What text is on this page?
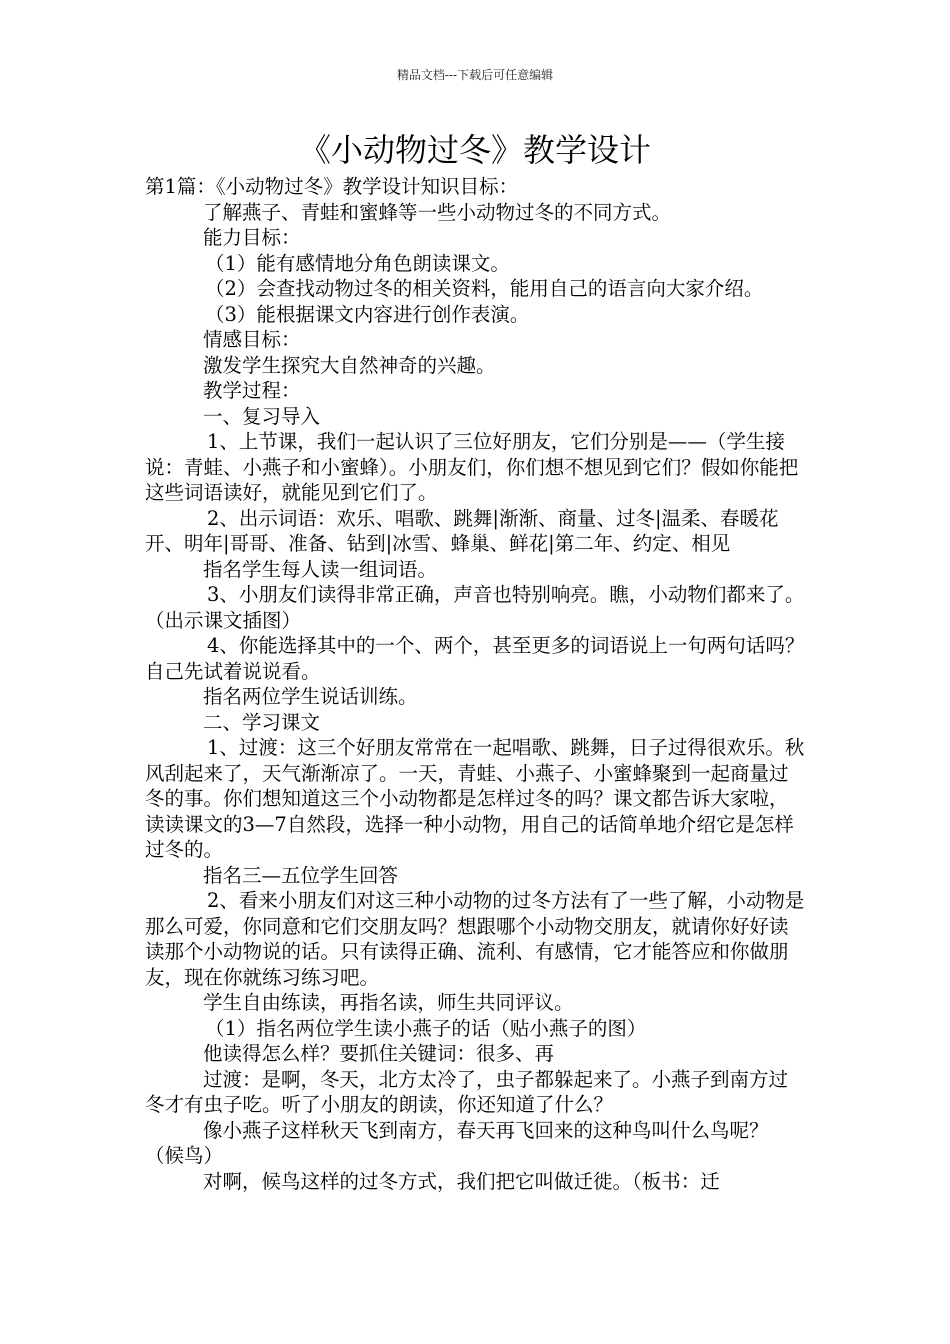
精品文档---下载后可任意编辑
《小动物过冬》教学设计

第1篇：《小动物过冬》教学设计知识目标：

了解燕子、青蛙和蜜蜂等一些小动物过冬的不同方式。

能力目标：

（1）能有感情地分角色朗读课文。

（2）会查找动物过冬的相关资料，能用自己的语言向大家介绍。

（3）能根据课文内容进行创作表演。

情感目标：

激发学生探究大自然神奇的兴趣。

教学过程：

一、复习导入

1、上节课，我们一起认识了三位好朋友，它们分别是——（学生接说：青蛙、小燕子和小蜜蜂）。小朋友们，你们想不想见到它们？假如你能把这些词语读好，就能见到它们了。

2、出示词语：欢乐、唱歌、跳舞|渐渐、商量、过冬|温柔、春暖花开、明年|哥哥、准备、钻到|冰雪、蜂巢、鲜花|第二年、约定、相见

指名学生每人读一组词语。

3、小朋友们读得非常正确，声音也特别响亮。瞧，小动物们都来了。（出示课文插图）

4、你能选择其中的一个、两个，甚至更多的词语说上一句两句话吗？自己先试着说说看。

指名两位学生说话训练。

二、学习课文

1、过渡：这三个好朋友常常在一起唱歌、跳舞，日子过得很欢乐。秋风刮起来了，天气渐渐凉了。一天，青蛙、小燕子、小蜜蜂聚到一起商量过冬的事。你们想知道这三个小动物都是怎样过冬的吗？课文都告诉大家啦，读读课文的3—7自然段，选择一种小动物，用自己的话简单地介绍它是怎样过冬的。

指名三—五位学生回答

2、看来小朋友们对这三种小动物的过冬方法有了一些了解，小动物是那么可爱，你同意和它们交朋友吗？想跟哪个小动物交朋友，就请你好好读读那个小动物说的话。只有读得正确、流利、有感情，它才能答应和你做朋友，现在你就练习练习吧。

学生自由练读，再指名读，师生共同评议。

（1）指名两位学生读小燕子的话（贴小燕子的图）

他读得怎么样？要抓住关键词：很多、再

过渡：是啊，冬天，北方太冷了，虫子都躲起来了。小燕子到南方过冬才有虫子吃。听了小朋友的朗读，你还知道了什么？

像小燕子这样秋天飞到南方，春天再飞回来的这种鸟叫什么鸟呢？（候鸟）

对啊，候鸟这样的过冬方式，我们把它叫做迁徙。（板书：迁
